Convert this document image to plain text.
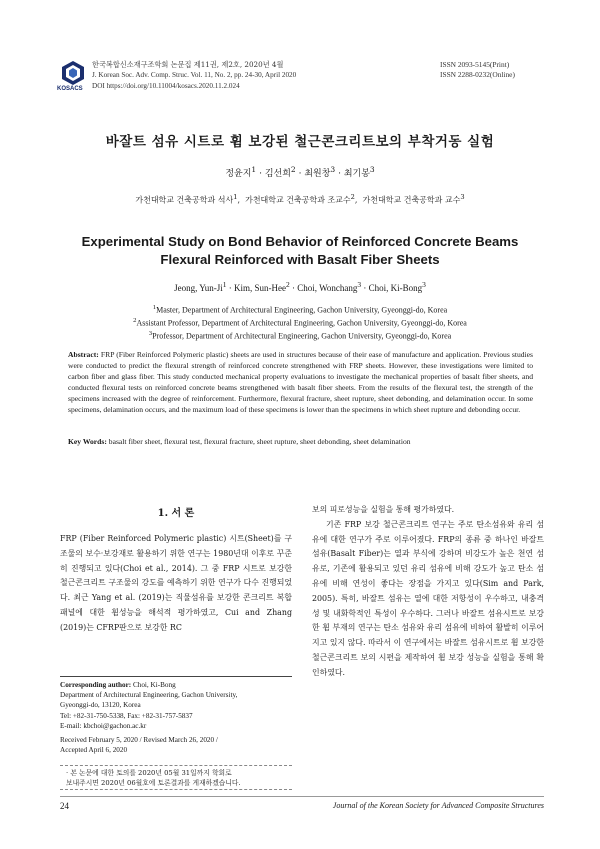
KOSACS
한국복합신소재구조학회 논문집 제11권, 제2호, 2020년 4월
J. Korean Soc. Adv. Comp. Struc. Vol. 11, No. 2, pp. 24-30, April 2020
DOI https://doi.org/10.11004/kosacs.2020.11.2.024
ISSN 2093-5145(Print)
ISSN 2288-0232(Online)
바잘트 섬유 시트로 휨 보강된 철근콘크리트보의 부착거동 실험
정윤지$^1$ · 김선희$^2$ · 최원창$^3$ · 최기봉$^3$
가천대학교 건축공학과 석사$^1$,  가천대학교 건축공학과 조교수$^2$,  가천대학교 건축공학과 교수$^3$
Experimental Study on Bond Behavior of Reinforced Concrete Beams
Flexural Reinforced with Basalt Fiber Sheets
Jeong, Yun-$Ji^1$ · Kim, Sun-Hee$^2$ · Choi, Wonchang$^3$ · Choi, Ki-Bong$^3$
$^1$Master, Department of Architectural Engineering, Gachon University, Gyeonggi-do, Korea
$^2$Assistant Professor, Department of Architectural Engineering, Gachon University, Gyeonggi-do, Korea
$^3$Professor, Department of Architectural Engineering, Gachon University, Gyeonggi-do, Korea
Abstract: FRP (Fiber Reinforced Polymeric plastic) sheets are used in structures because of their ease of manufacture and application. Previous studies were conducted to predict the flexural strength of reinforced concrete strengthened with FRP sheets. However, these investigations were limited to carbon fiber and glass fiber. This study conducted mechanical property evaluations to investigate the mechanical properties of basalt fiber sheets, and conducted flexural tests on reinforced concrete beams strengthened with basalt fiber sheets. From the results of the flexural test, the strength of the specimens increased with the degree of reinforcement. Furthermore, flexural fracture, sheet rupture, sheet debonding, and delamination occur. In some specimens, delamination occurs, and the maximum load of these specimens is lower than the specimens in which sheet rupture and debonding occur.
Key Words: basalt fiber sheet, flexural test, flexural fracture, sheet rupture, sheet debonding, sheet delamination
1. 서 론

FRP (Fiber Reinforced Polymeric plastic) 시트(Sheet)를 구조물의 보수·보강재로 활용하기 위한 연구는 1980년대 이후로 꾸준히 진행되고 있다(Choi et al., 2014). 그 중 FRP 시트로 보강한 철근콘크리트 구조물의 강도를 예측하기 위한 연구가 다수 진행되었다. 최근 Yang et al. (2019)는 직물섬유를 보강한 콘크리트 복합패널에 대한 휨성능을 해석적 평가하였고, Cui and Zhang (2019)는 CFRP판으로 보강한 RC

보의 피로성능을 실험을 통해 평가하였다.

기존 FRP 보강 철근콘크리트 연구는 주로 탄소섬유와 유리 섬유에 대한 연구가 주로 이루어졌다. FRP의 종류 중 하나인 바잘트 섬유(Basalt Fiber)는 열과 부식에 강하며 비강도가 높은 천연 섬유로, 기존에 활용되고 있던 유리 섬유에 비해 강도가 높고 탄소 섬유에 비해 연성이 좋다는 장점을 가지고 있다(Sim and Park, 2005). 특히, 바잘트 섬유는 열에 대한 저항성이 우수하고, 내충격성 및 내화학적인 특성이 우수하다. 그러나 바잘트 섬유시트로 보강한 휨 부재의 연구는 탄소 섬유와 유리 섬유에 비하여 활발히 이루어지고 있지 않다. 따라서 이 연구에서는 바잘트 섬유시트로 휨 보강한 철근콘크리트 보의 시편을 제작하여 휨 보강 성능을 실험을 통해 확인하였다.

Corresponding author: Choi, Ki-Bong
Department of Architectural Engineering, Gachon University,
Gyeonggi-do, 13120, Korea
Tel: +82-31-750-5338, Fax: +82-31-757-5837
E-mail: kbchoi@gachon.ac.kr
Received February 5, 2020 / Revised March 26, 2020 /
Accepted April 6, 2020
· 본 논문에 대한 토의를 2020년 05월 31일까지 학회로
보내주시면 2020년 06월호에 토론결과를 게재하겠습니다.
24	Journal of the Korean Society for Advanced Composite Structures
